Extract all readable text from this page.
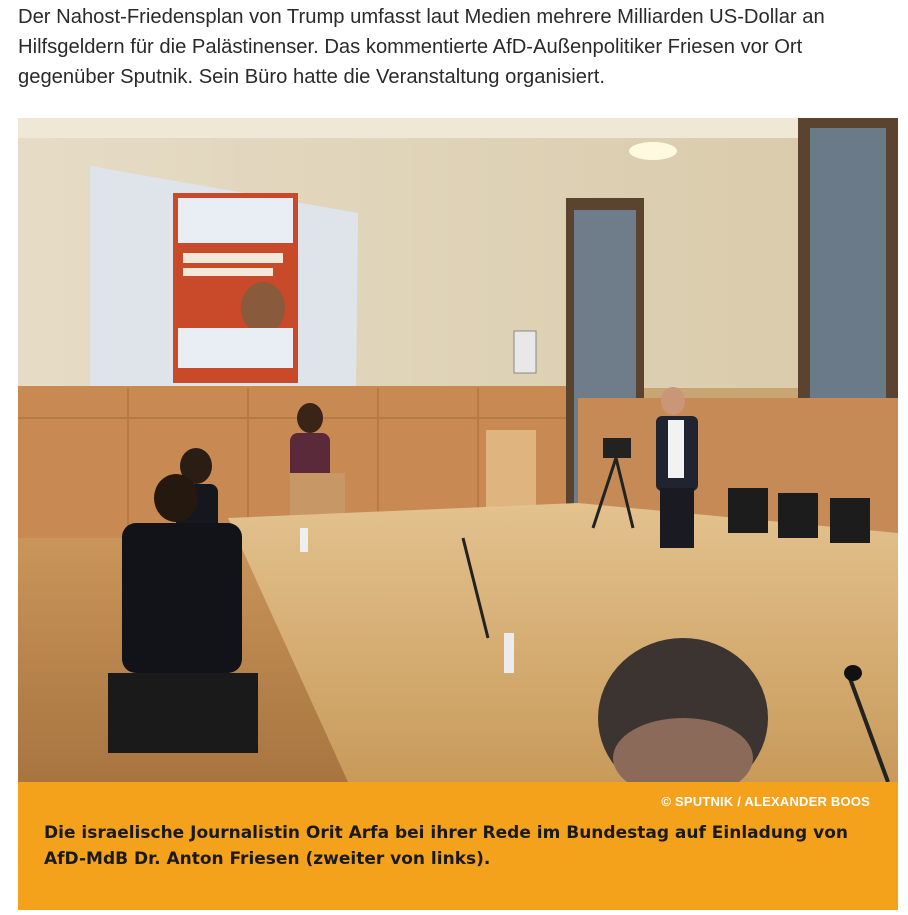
Der Nahost-Friedensplan von Trump umfasst laut Medien mehrere Milliarden US-Dollar an Hilfsgeldern für die Palästinenser. Das kommentierte AfD-Außenpolitiker Friesen vor Ort gegenüber Sputnik. Sein Büro hatte die Veranstaltung organisiert.

© SPUTNIK / ALEXANDER BOOS

Die israelische Journalistin Orit Arfa bei ihrer Rede im Bundestag auf Einladung von AfD-MdB Dr. Anton Friesen (zweiter von links).
